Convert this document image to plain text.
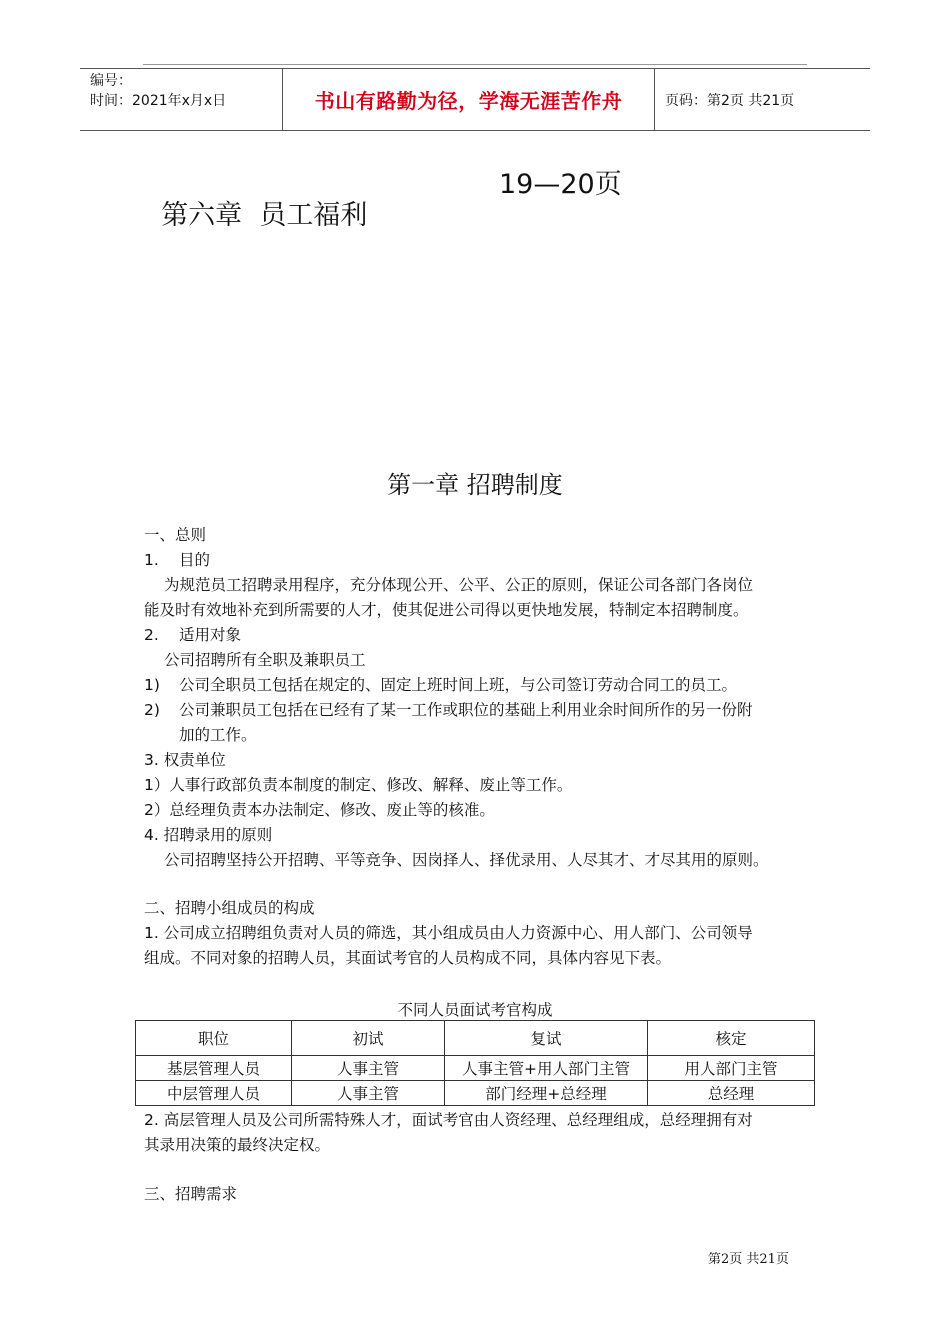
编号：
时间：2021年x月x日	书山有路勤为径，学海无涯苦作舟	页码：第2页 共21页

第六章  员工福利

19—20页

第一章 招聘制度
一、总则
1. 目的
为规范员工招聘录用程序，充分体现公开、公平、公正的原则，保证公司各部门各岗位
能及时有效地补充到所需要的人才，使其促进公司得以更快地发展，特制定本招聘制度。
2. 适用对象
公司招聘所有全职及兼职员工
1) 公司全职员工包括在规定的、固定上班时间上班，与公司签订劳动合同工的员工。
2) 公司兼职员工包括在已经有了某一工作或职位的基础上利用业余时间所作的另一份附
加的工作。
3. 权责单位
1）人事行政部负责本制度的制定、修改、解释、废止等工作。
2）总经理负责本办法制定、修改、废止等的核准。
4. 招聘录用的原则
公司招聘坚持公开招聘、平等竞争、因岗择人、择优录用、人尽其才、才尽其用的原则。
二、招聘小组成员的构成
1. 公司成立招聘组负责对人员的筛选，其小组成员由人力资源中心、用人部门、公司领导
组成。不同对象的招聘人员，其面试考官的人员构成不同，具体内容见下表。
不同人员面试考官构成
职位	初试	复试	核定
基层管理人员	人事主管	人事主管+用人部门主管	用人部门主管
中层管理人员	人事主管	部门经理+总经理	总经理
2. 高层管理人员及公司所需特殊人才，面试考官由人资经理、总经理组成，总经理拥有对
其录用决策的最终决定权。
三、招聘需求
第2页 共21页
